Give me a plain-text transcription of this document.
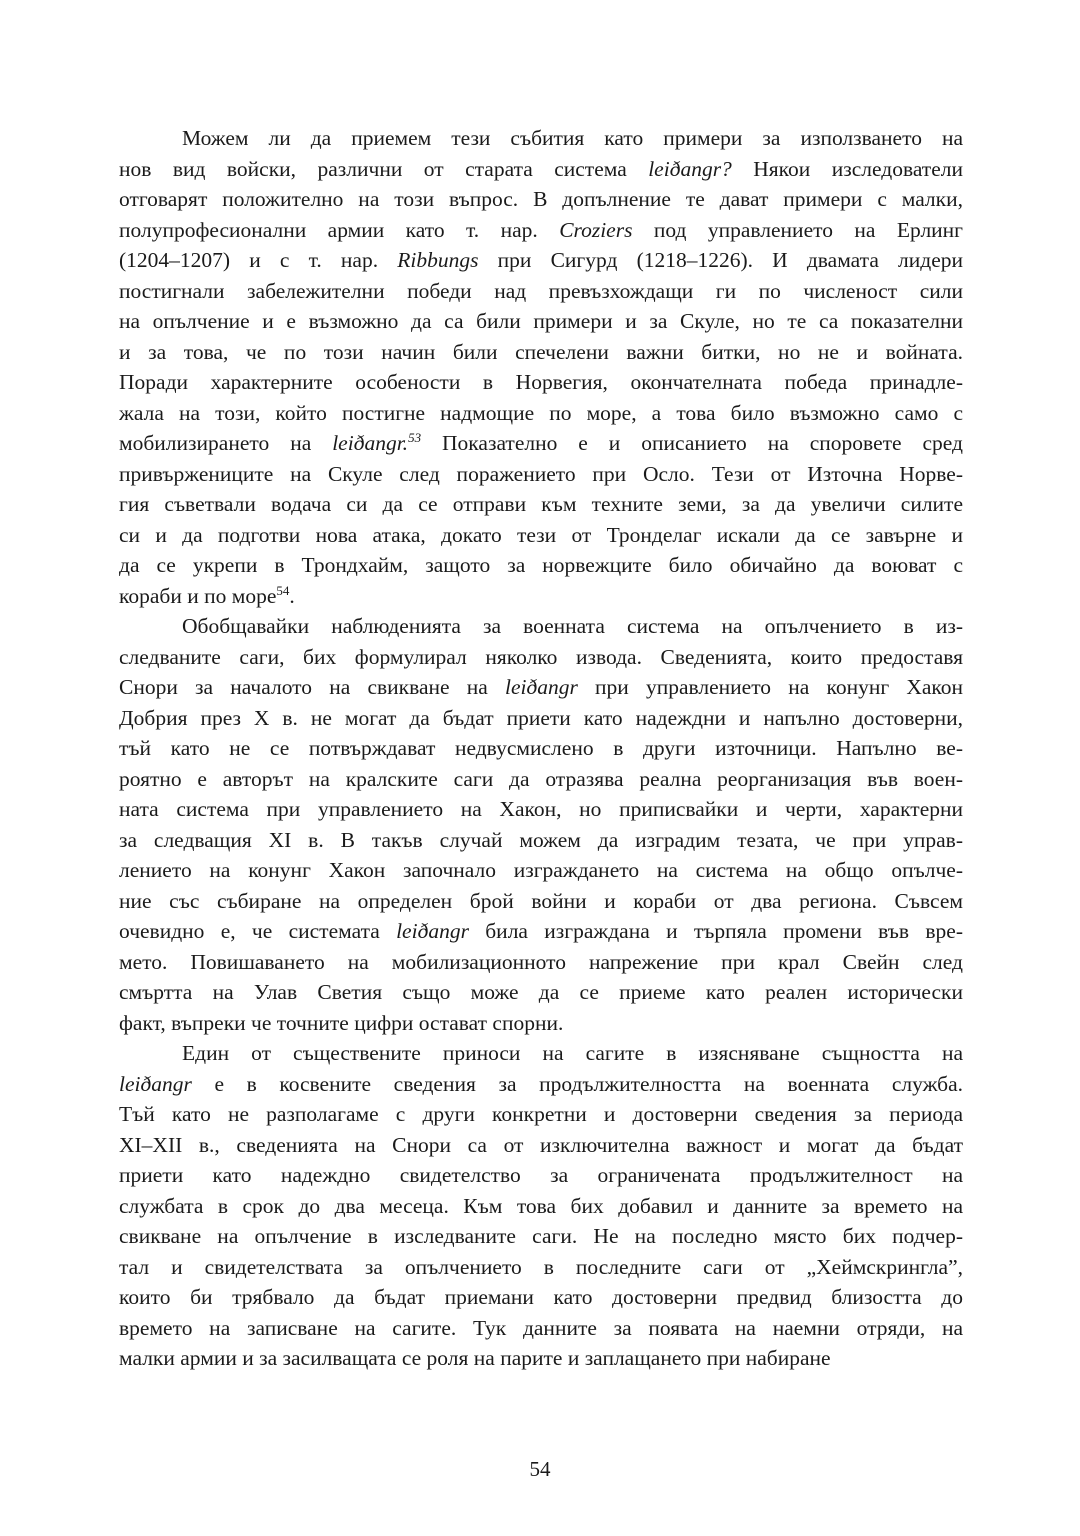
Можем ли да приемем тези събития като примери за използването на
нов вид войски, различни от старата система leiðangr? Някои изследователи
отговарят положително на този въпрос. В допълнение те дават примери с малки,
полупрофесионални армии като т. нар. Croziers под управлението на Ерлинг
(1204–1207) и с т. нар. Ribbungs при Сигурд (1218–1226). И двамата лидери
постигнали забележителни победи над превъзхождащи ги по численост сили
на опълчение и е възможно да са били примери и за Скуле, но те са показателни
и за това, че по този начин били спечелени важни битки, но не и войната.
Поради характерните особености в Норвегия, окончателната победа принадле-
жала на този, който постигне надмощие по море, а това било възможно само с
мобилизирането на leiðangr.$^{53}$ Показателно е и описанието на споровете сред
привържениците на Скуле след поражението при Осло. Тези от Източна Норве-
гия съветвали водача си да се отправи към техните земи, за да увеличи силите
си и да подготви нова атака, докато тези от Тронделаг искали да се завърне и
да се укрепи в Трондхайм, защото за норвежците било обичайно да воюват с
кораби и по море$^{54}$.
Обобщавайки наблюденията за военната система на опълчението в из-
следваните саги, бих формулирал няколко извода. Сведенията, които предоставя
Снори за началото на свикване на leiðangr при управлението на конунг Хакон
Добрия през X в. не могат да бъдат приети като надеждни и напълно достоверни,
тъй като не се потвърждават недвусмислено в други източници. Напълно ве-
роятно е авторът на кралските саги да отразява реална реорганизация във воен-
ната система при управлението на Хакон, но приписвайки и черти, характерни
за следващия XI в. В такъв случай можем да изградим тезата, че при управ-
лението на конунг Хакон започнало изграждането на система на общо опълче-
ние със събиране на определен брой войни и кораби от два региона. Съвсем
очевидно е, че системата leiðangr била изграждана и търпяла промени във вре-
мето. Повишаването на мобилизационното напрежение при крал Свейн след
смъртта на Улав Светия също може да се приеме като реален исторически
факт, въпреки че точните цифри остават спорни.
Един от съществените приноси на сагите в изясняване същността на
leiðangr е в косвените сведения за продължителността на военната служба.
Тъй като не разполагаме с други конкретни и достоверни сведения за периода
XI–XII в., сведенията на Снори са от изключителна важност и могат да бъдат
приети като надеждно свидетелство за ограничената продължителност на
службата в срок до два месеца. Към това бих добавил и данните за времето на
свикване на опълчение в изследваните саги. Не на последно място бих подчер-
тал и свидетелствата за опълчението в последните саги от „Хеймскрингла”,
които би трябвало да бъдат приемани като достоверни предвид близостта до
времето на записване на сагите. Тук данните за появата на наемни отряди, на
малки армии и за засилващата се роля на парите и заплащането при набиране
54
